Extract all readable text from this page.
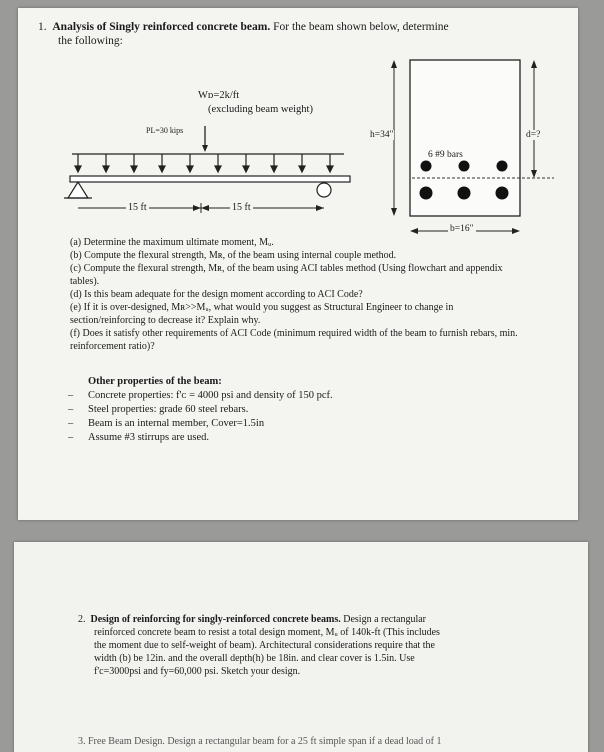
1. Analysis of Singly reinforced concrete beam. For the beam shown below, determine
the following:
Wᴅ=2k/ft
(excluding beam weight)
PL=30 kips
15 ft	15 ft
h=34"	d=?
6 #9 bars
b=16"
(a) Determine the maximum ultimate moment, Mᵤ.
(b) Compute the flexural strength, Mʀ, of the beam using internal couple method.
(c) Compute the flexural strength, Mʀ, of the beam using ACI tables method (Using flowchart and appendix tables).
(d) Is this beam adequate for the design moment according to ACI Code?
(e) If it is over-designed, Mʀ>>Mᵤ, what would you suggest as Structural Engineer to change in section/reinforcing to decrease it? Explain why.
(f) Does it satisfy other requirements of ACI Code (minimum required width of the beam to furnish rebars, min. reinforcement ratio)?
Other properties of the beam:
– Concrete properties: f'ᴄ = 4000 psi and density of 150 pcf.
– Steel properties: grade 60 steel rebars.
– Beam is an internal member, Cover=1.5in
– Assume #3 stirrups are used.
2. Design of reinforcing for singly-reinforced concrete beams. Design a rectangular
reinforced concrete beam to resist a total design moment, Mᵤ of 140k-ft (This includes
the moment due to self-weight of beam). Architectural considerations require that the
width (b) be 12in. and the overall depth(h) be 18in. and clear cover is 1.5in. Use
f'c=3000psi and fy=60,000 psi. Sketch your design.
3. Free Beam Design. Design a rectangular beam for a 25 ft simple span if a dead load of 1
